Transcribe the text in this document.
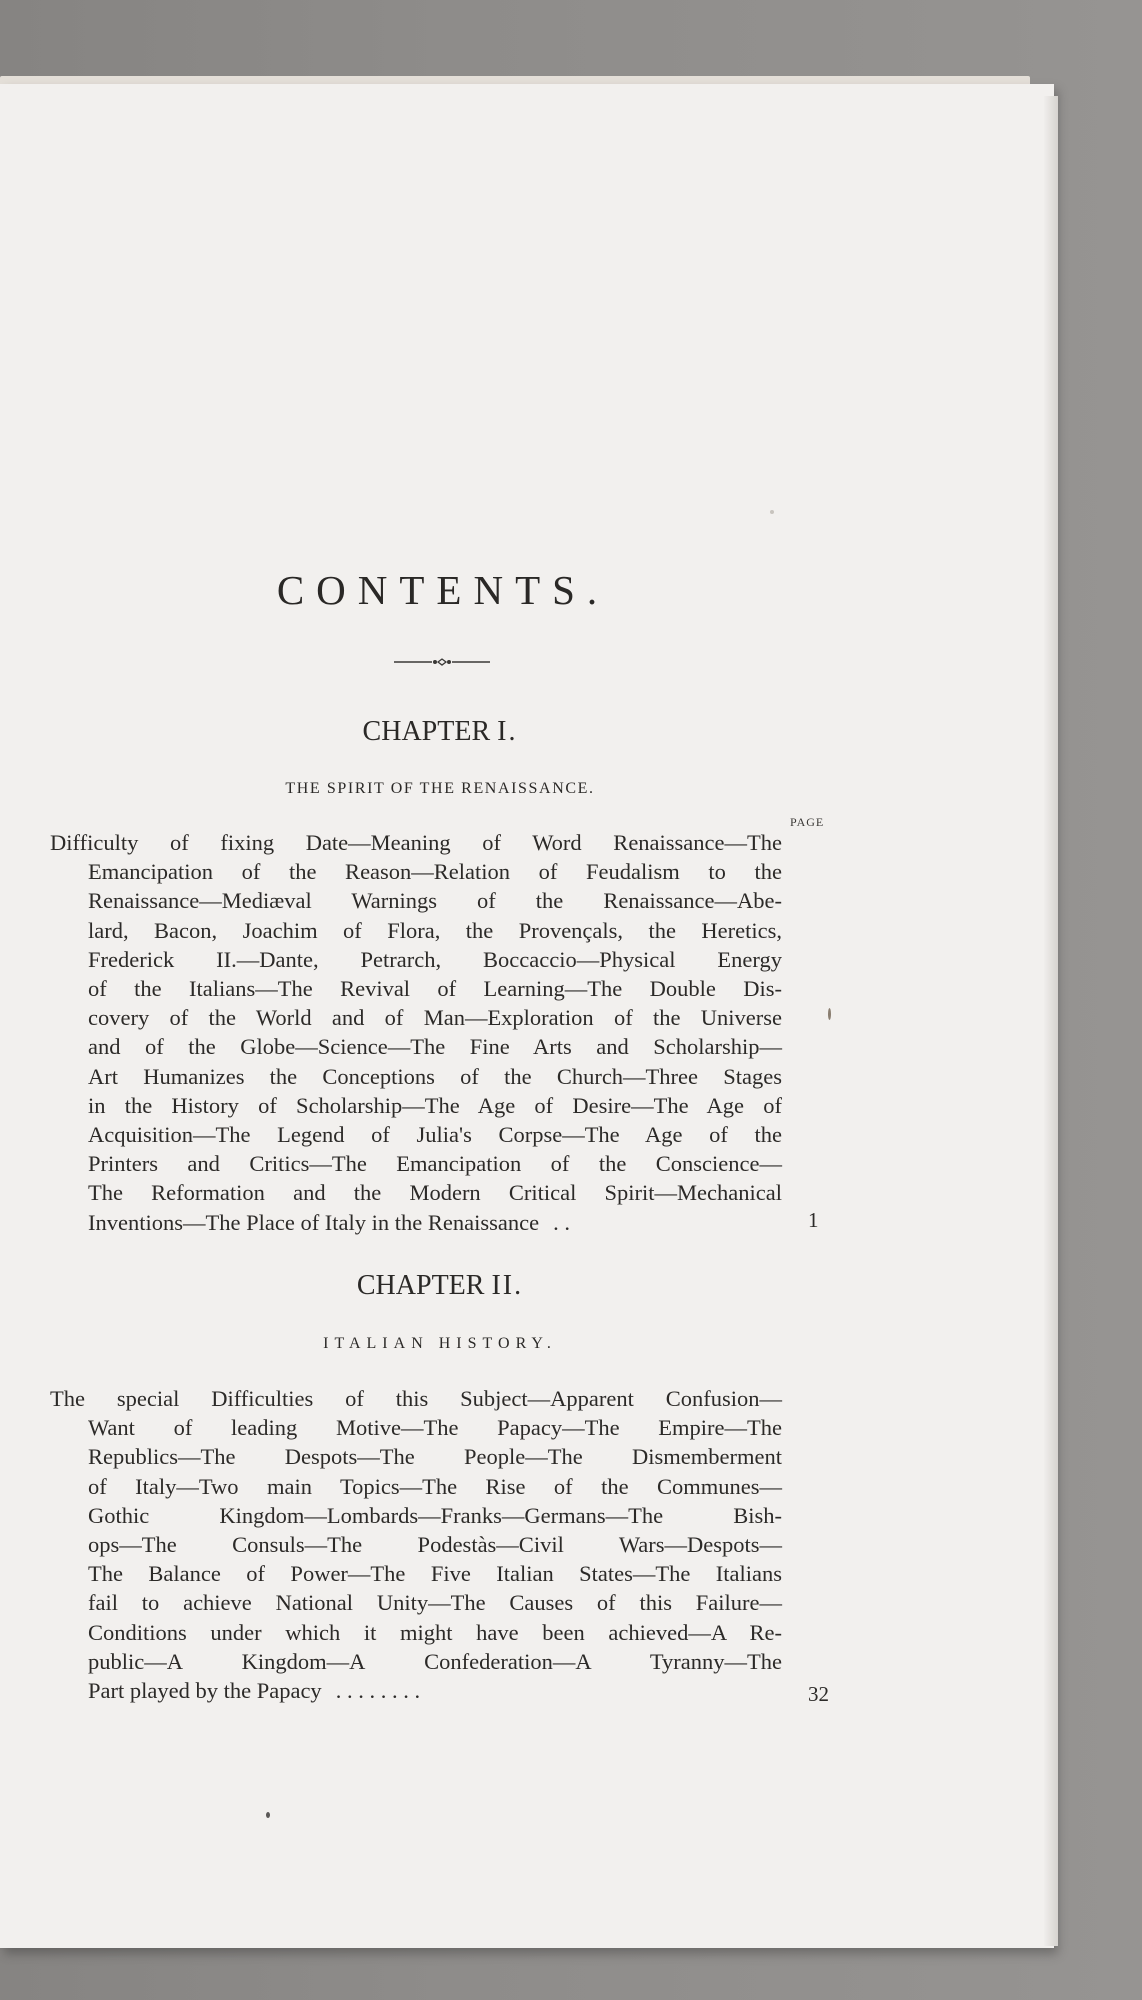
CONTENTS.
CHAPTER I.
THE SPIRIT OF THE RENAISSANCE.
PAGE
Difficulty of fixing Date—Meaning of Word Renaissance—The
Emancipation of the Reason—Relation of Feudalism to the
Renaissance—Mediæval Warnings of the Renaissance—Abe-
lard, Bacon, Joachim of Flora, the Provençals, the Heretics,
Frederick II.—Dante, Petrarch, Boccaccio—Physical Energy
of the Italians—The Revival of Learning—The Double Dis-
covery of the World and of Man—Exploration of the Universe
and of the Globe—Science—The Fine Arts and Scholarship—
Art Humanizes the Conceptions of the Church—Three Stages
in the History of Scholarship—The Age of Desire—The Age of
Acquisition—The Legend of Julia's Corpse—The Age of the
Printers and Critics—The Emancipation of the Conscience—
The Reformation and the Modern Critical Spirit—Mechanical
Inventions—The Place of Italy in the Renaissance . .	1
CHAPTER II.
ITALIAN HISTORY.
The special Difficulties of this Subject—Apparent Confusion—
Want of leading Motive—The Papacy—The Empire—The
Republics—The Despots—The People—The Dismemberment
of Italy—Two main Topics—The Rise of the Communes—
Gothic Kingdom—Lombards—Franks—Germans—The Bish-
ops—The Consuls—The Podestàs—Civil Wars—Despots—
The Balance of Power—The Five Italian States—The Italians
fail to achieve National Unity—The Causes of this Failure—
Conditions under which it might have been achieved—A Re-
public—A Kingdom—A Confederation—A Tyranny—The
Part played by the Papacy . . . . . . . .	32
